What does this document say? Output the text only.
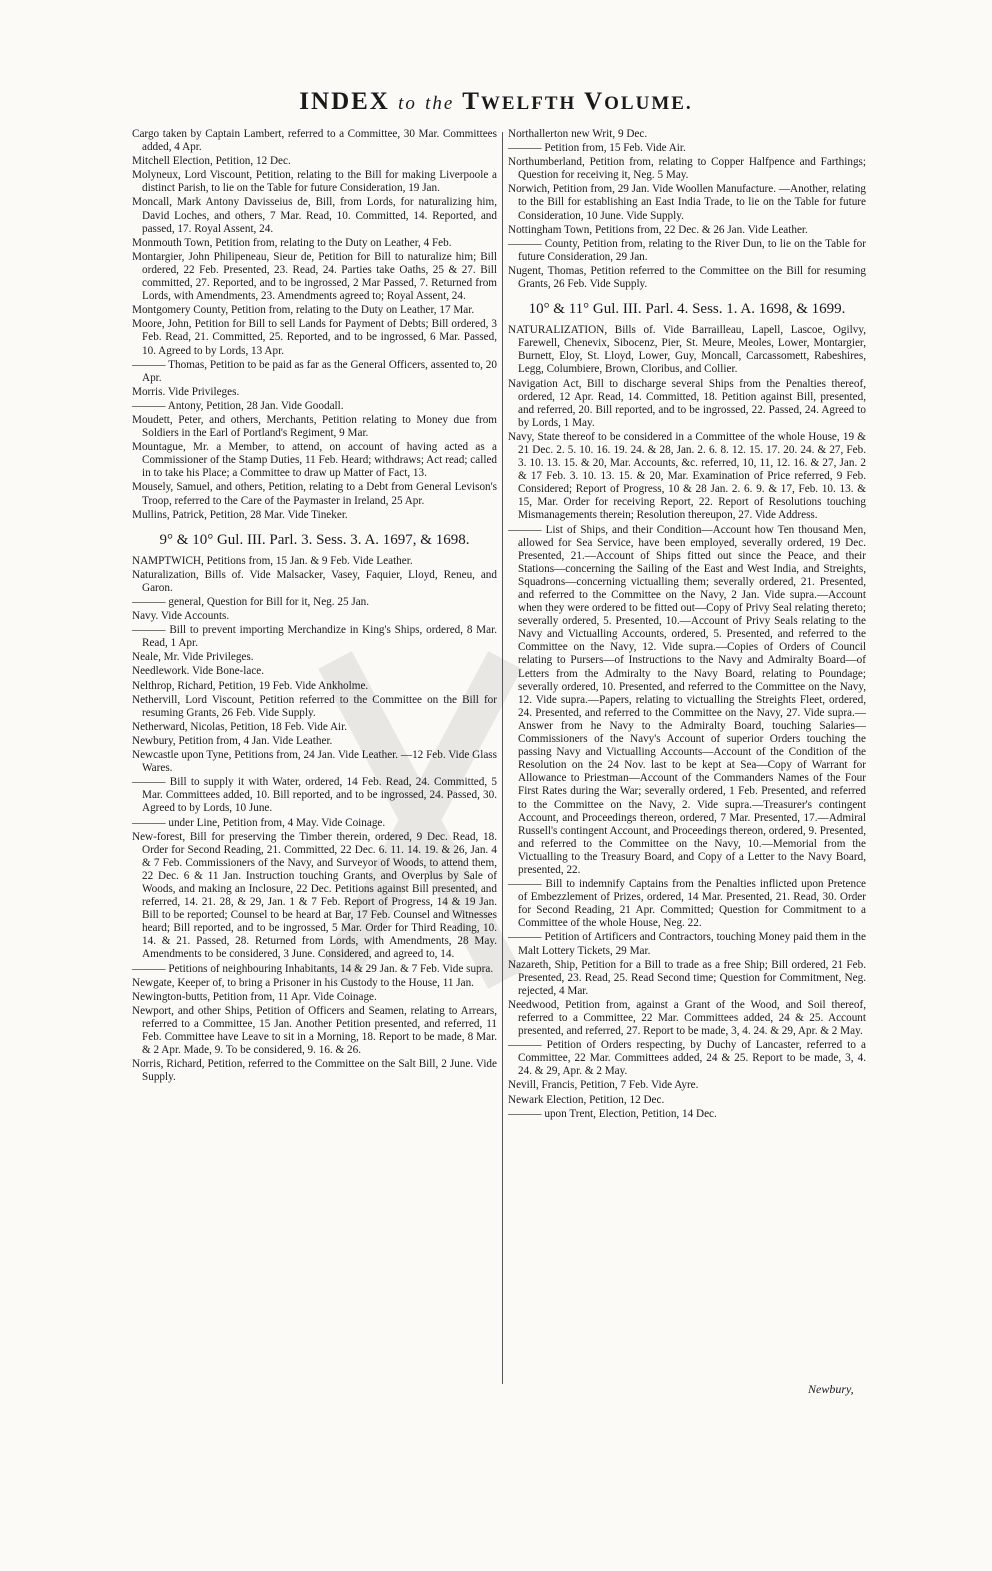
INDEX to the TWELFTH VOLUME.
Cargo taken by Captain Lambert, referred to a Committee, 30 Mar. Committees added, 4 Apr.
Mitchell Election, Petition, 12 Dec.
Molyneux, Lord Viscount, Petition, relating to the Bill for making Liverpoole a distinct Parish, to lie on the Table for future Consideration, 19 Jan.
Moncall, Mark Antony Davisseius de, Bill, from Lords, for naturalizing him, David Loches, and others, 7 Mar. Read, 10. Committed, 14. Reported, and passed, 17. Royal Assent, 24.
Monmouth Town, Petition from, relating to the Duty on Leather, 4 Feb.
Montargier, John Philipeneau, Sieur de, Petition for Bill to naturalize him; Bill ordered, 22 Feb. Presented, 23. Read, 24. Parties take Oaths, 25 & 27. Bill committed, 27. Reported, and to be ingrossed, 2 Mar Passed, 7. Returned from Lords, with Amendments, 23. Amendments agreed to; Royal Assent, 24.
Montgomery County, Petition from, relating to the Duty on Leather, 17 Mar.
Moore, John, Petition for Bill to sell Lands for Payment of Debts; Bill ordered, 3 Feb. Read, 21. Committed, 25. Reported, and to be ingrossed, 6 Mar. Passed, 10. Agreed to by Lords, 13 Apr.
——— Thomas, Petition to be paid as far as the General Officers, assented to, 20 Apr.
Morris. Vide Privileges.
——— Antony, Petition, 28 Jan. Vide Goodall.
Moudett, Peter, and others, Merchants, Petition relating to Money due from Soldiers in the Earl of Portland's Regiment, 9 Mar.
Mountague, Mr. a Member, to attend, on account of having acted as a Commissioner of the Stamp Duties, 11 Feb. Heard; withdraws; Act read; called in to take his Place; a Committee to draw up Matter of Fact, 13.
Mousely, Samuel, and others, Petition, relating to a Debt from General Levison's Troop, referred to the Care of the Paymaster in Ireland, 25 Apr.
Mullins, Patrick, Petition, 28 Mar. Vide Tineker.
9° & 10° Gul. III. Parl. 3. Sess. 3. A. 1697, & 1698.
NAMPTWICH, Petitions from, 15 Jan. & 9 Feb. Vide Leather.
Naturalization, Bills of. Vide Malsacker, Vasey, Faquier, Lloyd, Reneu, and Garon.
——— general, Question for Bill for it, Neg. 25 Jan.
Navy. Vide Accounts.
——— Bill to prevent importing Merchandize in King's Ships, ordered, 8 Mar. Read, 1 Apr.
Neale, Mr. Vide Privileges.
Needlework. Vide Bone-lace.
Nelthrop, Richard, Petition, 19 Feb. Vide Ankholme.
Nethervill, Lord Viscount, Petition referred to the Committee on the Bill for resuming Grants, 26 Feb. Vide Supply.
Netherward, Nicolas, Petition, 18 Feb. Vide Air.
Newbury, Petition from, 4 Jan. Vide Leather.
Newcastle upon Tyne, Petitions from, 24 Jan. Vide Leather. —12 Feb. Vide Glass Wares.
——— Bill to supply it with Water, ordered, 14 Feb. Read, 24. Committed, 5 Mar. Committees added, 10. Bill reported, and to be ingrossed, 24. Passed, 30. Agreed to by Lords, 10 June.
——— under Line, Petition from, 4 May. Vide Coinage.
New-forest, Bill for preserving the Timber therein, ordered, 9 Dec. Read, 18. Order for Second Reading, 21. Committed, 22 Dec. 6. 11. 14. 19. & 26, Jan. 4 & 7 Feb. Commissioners of the Navy, and Surveyor of Woods, to attend them, 22 Dec. 6 & 11 Jan. Instruction touching Grants, and Overplus by Sale of Woods, and making an Inclosure, 22 Dec. Petitions against Bill presented, and referred, 14. 21. 28, & 29, Jan. 1 & 7 Feb. Report of Progress, 14 & 19 Jan. Bill to be reported; Counsel to be heard at Bar, 17 Feb. Counsel and Witnesses heard; Bill reported, and to be ingrossed, 5 Mar. Order for Third Reading, 10. 14. & 21. Passed, 28. Returned from Lords, with Amendments, 28 May. Amendments to be considered, 3 June. Considered, and agreed to, 14.
——— Petitions of neighbouring Inhabitants, 14 & 29 Jan. & 7 Feb. Vide supra.
Newgate, Keeper of, to bring a Prisoner in his Custody to the House, 11 Jan.
Newington-butts, Petition from, 11 Apr. Vide Coinage.
Newport, and other Ships, Petition of Officers and Seamen, relating to Arrears, referred to a Committee, 15 Jan. Another Petition presented, and referred, 11 Feb. Committee have Leave to sit in a Morning, 18. Report to be made, 8 Mar. & 2 Apr. Made, 9. To be considered, 9. 16. & 26.
Norris, Richard, Petition, referred to the Committee on the Salt Bill, 2 June. Vide Supply.
Northallerton new Writ, 9 Dec.
——— Petition from, 15 Feb. Vide Air.
Northumberland, Petition from, relating to Copper Halfpence and Farthings; Question for receiving it, Neg. 5 May.
Norwich, Petition from, 29 Jan. Vide Woollen Manufacture. —Another, relating to the Bill for establishing an East India Trade, to lie on the Table for future Consideration, 10 June. Vide Supply.
Nottingham Town, Petitions from, 22 Dec. & 26 Jan. Vide Leather.
——— County, Petition from, relating to the River Dun, to lie on the Table for future Consideration, 29 Jan.
Nugent, Thomas, Petition referred to the Committee on the Bill for resuming Grants, 26 Feb. Vide Supply.
10° & 11° Gul. III. Parl. 4. Sess. 1. A. 1698, & 1699.
NATURALIZATION, Bills of. Vide Barrailleau, Lapell, Lascoe, Ogilvy, Farewell, Chenevix, Sibocenz, Pier, St. Meure, Meoles, Lower, Montargier, Burnett, Eloy, St. Lloyd, Lower, Guy, Moncall, Carcassomett, Rabeshires, Legg, Columbiere, Brown, Cloribus, and Collier.
Navigation Act, Bill to discharge several Ships from the Penalties thereof, ordered, 12 Apr. Read, 14. Committed, 18. Petition against Bill, presented, and referred, 20. Bill reported, and to be ingrossed, 22. Passed, 24. Agreed to by Lords, 1 May.
Navy, State thereof to be considered in a Committee of the whole House, 19 & 21 Dec. 2. 5. 10. 16. 19. 24. & 28, Jan. 2. 6. 8. 12. 15. 17. 20. 24. & 27, Feb. 3. 10. 13. 15. & 20, Mar. Accounts, &c. referred, 10, 11, 12. 16. & 27, Jan. 2 & 17 Feb. 3. 10. 13. 15. & 20, Mar. Examination of Price referred, 9 Feb. Considered; Report of Progress, 10 & 28 Jan. 2. 6. 9. & 17, Feb. 10. 13. & 15, Mar. Order for receiving Report, 22. Report of Resolutions touching Mismanagements therein; Resolution thereupon, 27. Vide Address.
——— List of Ships, and their Condition—Account how Ten thousand Men, allowed for Sea Service, have been employed, severally ordered, 19 Dec. Presented, 21.—Account of Ships fitted out since the Peace, and their Stations—concerning the Sailing of the East and West India, and Streights, Squadrons—concerning victualling them; severally ordered, 21. Presented, and referred to the Committee on the Navy, 2 Jan. Vide supra.—Account when they were ordered to be fitted out—Copy of Privy Seal relating thereto; severally ordered, 5. Presented, 10.—Account of Privy Seals relating to the Navy and Victualling Accounts, ordered, 5. Presented, and referred to the Committee on the Navy, 12. Vide supra.—Copies of Orders of Council relating to Pursers—of Instructions to the Navy and Admiralty Board—of Letters from the Admiralty to the Navy Board, relating to Poundage; severally ordered, 10. Presented, and referred to the Committee on the Navy, 12. Vide supra.—Papers, relating to victualling the Streights Fleet, ordered, 24. Presented, and referred to the Committee on the Navy, 27. Vide supra.—Answer from he Navy to the Admiralty Board, touching Salaries—Commissioners of the Navy's Account of superior Orders touching the passing Navy and Victualling Accounts—Account of the Condition of the Resolution on the 24 Nov. last to be kept at Sea—Copy of Warrant for Allowance to Priestman—Account of the Commanders Names of the Four First Rates during the War; severally ordered, 1 Feb. Presented, and referred to the Committee on the Navy, 2. Vide supra.—Treasurer's contingent Account, and Proceedings thereon, ordered, 7 Mar. Presented, 17.—Admiral Russell's contingent Account, and Proceedings thereon, ordered, 9. Presented, and referred to the Committee on the Navy, 10.—Memorial from the Victualling to the Treasury Board, and Copy of a Letter to the Navy Board, presented, 22.
——— Bill to indemnify Captains from the Penalties inflicted upon Pretence of Embezzlement of Prizes, ordered, 14 Mar. Presented, 21. Read, 30. Order for Second Reading, 21 Apr. Committed; Question for Commitment to a Committee of the whole House, Neg. 22.
——— Petition of Artificers and Contractors, touching Money paid them in the Malt Lottery Tickets, 29 Mar.
Nazareth, Ship, Petition for a Bill to trade as a free Ship; Bill ordered, 21 Feb. Presented, 23. Read, 25. Read Second time; Question for Commitment, Neg. rejected, 4 Mar.
Needwood, Petition from, against a Grant of the Wood, and Soil thereof, referred to a Committee, 22 Mar. Committees added, 24 & 25. Account presented, and referred, 27. Report to be made, 3, 4. 24. & 29, Apr. & 2 May.
——— Petition of Orders respecting, by Duchy of Lancaster, referred to a Committee, 22 Mar. Committees added, 24 & 25. Report to be made, 3, 4. 24. & 29, Apr. & 2 May.
Nevill, Francis, Petition, 7 Feb. Vide Ayre.
Newark Election, Petition, 12 Dec.
——— upon Trent, Election, Petition, 14 Dec.
Newbury,
